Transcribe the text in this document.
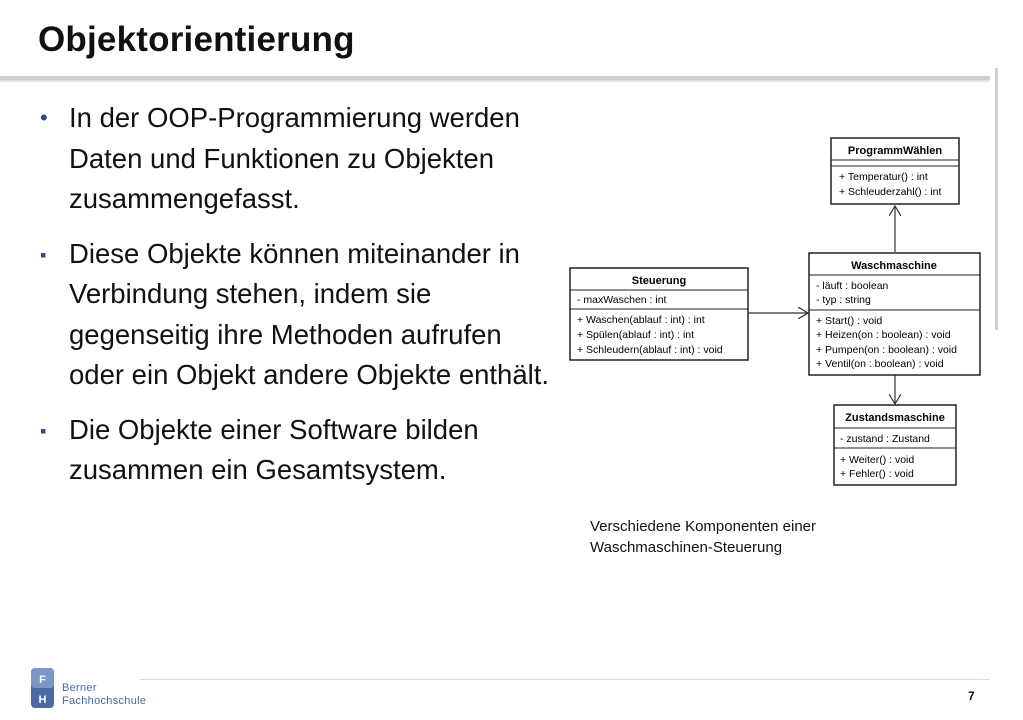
Objektorientierung
• In der OOP-Programmierung werden Daten und Funktionen zu Objekten zusammengefasst.
▪ Diese Objekte können miteinander in Verbindung stehen, indem sie gegenseitig ihre Methoden aufrufen oder ein Objekt andere Objekte enthält.
▪ Die Objekte einer Software bilden zusammen ein Gesamtsystem.
ProgrammWählen
+ Temperatur() : int
+ Schleuderzahl() : int
Steuerung
- maxWaschen : int
+ Waschen(ablauf : int) : int
+ Spülen(ablauf : int) : int
+ Schleudern(ablauf : int) : void
Waschmaschine
- läuft : boolean
- typ : string
+ Start() : void
+ Heizen(on : boolean) : void
+ Pumpen(on : boolean) : void
+ Ventil(on : boolean) : void
Zustandsmaschine
- zustand : Zustand
+ Weiter() : void
+ Fehler() : void
F
H
Verschiedene Komponenten einer
Waschmaschinen-Steuerung
Berner
Fachhochschule	7
